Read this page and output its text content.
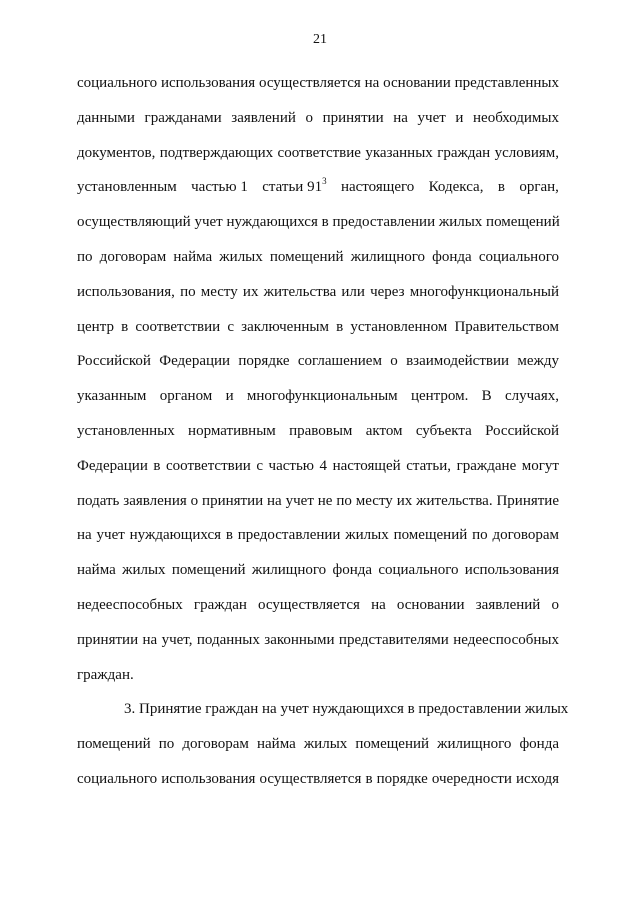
21
социального использования осуществляется на основании представленных
данными гражданами заявлений о принятии на учет и необходимых
документов, подтверждающих соответствие указанных граждан условиям,
установленным частью 1 статьи $91^3$ настоящего Кодекса, в орган,
осуществляющий учет нуждающихся в предоставлении жилых помещений
по договорам найма жилых помещений жилищного фонда социального
использования, по месту их жительства или через многофункциональный
центр в соответствии с заключенным в установленном Правительством
Российской Федерации порядке соглашением о взаимодействии между
указанным органом и многофункциональным центром. В случаях,
установленных нормативным правовым актом субъекта Российской
Федерации в соответствии с частью 4 настоящей статьи, граждане могут
подать заявления о принятии на учет не по месту их жительства. Принятие
на учет нуждающихся в предоставлении жилых помещений по договорам
найма жилых помещений жилищного фонда социального использования
недееспособных граждан осуществляется на основании заявлений о
принятии на учет, поданных законными представителями недееспособных
граждан.
3. Принятие граждан на учет нуждающихся в предоставлении жилых
помещений по договорам найма жилых помещений жилищного фонда
социального использования осуществляется в порядке очередности исходя
